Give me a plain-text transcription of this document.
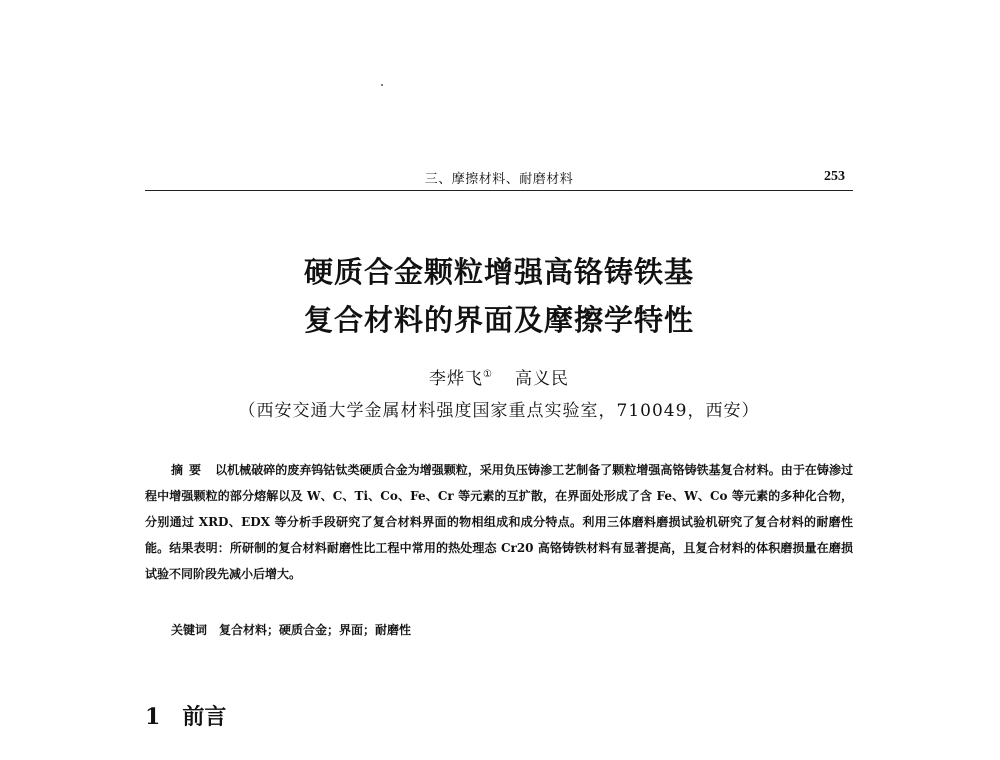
三、摩擦材料、耐磨材料	253
硬质合金颗粒增强高铬铸铁基
复合材料的界面及摩擦学特性
李烨飞① 高义民
（西安交通大学金属材料强度国家重点实验室，710049，西安）
摘要 以机械破碎的废弃钨钴钛类硬质合金为增强颗粒，采用负压铸渗工艺制备了颗粒增强高铬铸铁基复合材料。由于在铸渗过程中增强颗粒的部分熔解以及 W、C、Ti、Co、Fe、Cr 等元素的互扩散，在界面处形成了含 Fe、W、Co 等元素的多种化合物，分别通过 XRD、EDX 等分析手段研究了复合材料界面的物相组成和成分特点。利用三体磨料磨损试验机研究了复合材料的耐磨性能。结果表明：所研制的复合材料耐磨性比工程中常用的热处理态 Cr20 高铬铸铁材料有显著提高，且复合材料的体积磨损量在磨损试验不同阶段先减小后增大。
关键词 复合材料；硬质合金；界面；耐磨性
1 前言
